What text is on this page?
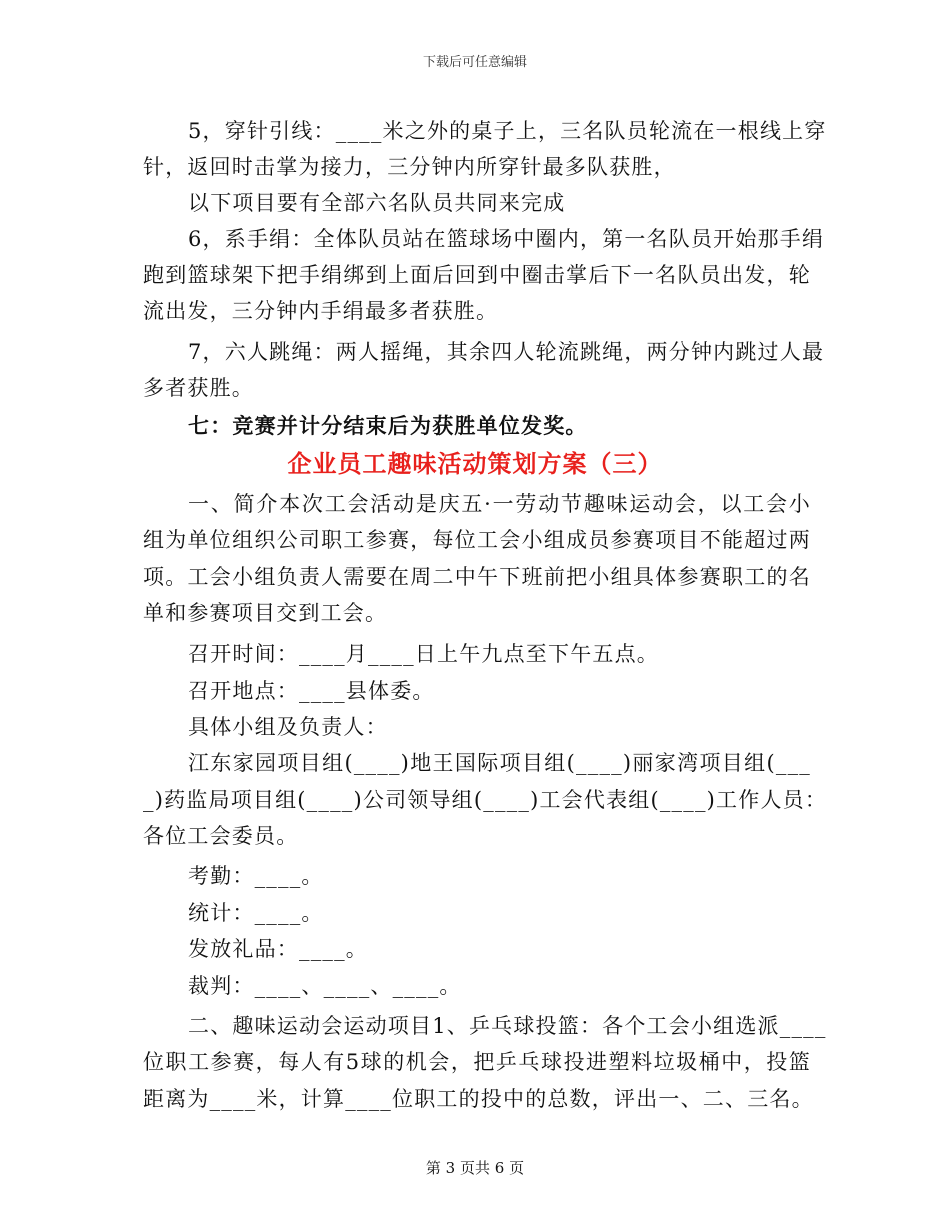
下载后可任意编辑
5，穿针引线：____米之外的桌子上，三名队员轮流在一根线上穿
针，返回时击掌为接力，三分钟内所穿针最多队获胜，
以下项目要有全部六名队员共同来完成
6，系手绢：全体队员站在篮球场中圈内，第一名队员开始那手绢
跑到篮球架下把手绢绑到上面后回到中圈击掌后下一名队员出发，轮
流出发，三分钟内手绢最多者获胜。
7，六人跳绳：两人摇绳，其余四人轮流跳绳，两分钟内跳过人最
多者获胜。
七：竞赛并计分结束后为获胜单位发奖。
企业员工趣味活动策划方案（三）
一、简介本次工会活动是庆五·一劳动节趣味运动会，以工会小
组为单位组织公司职工参赛，每位工会小组成员参赛项目不能超过两
项。工会小组负责人需要在周二中午下班前把小组具体参赛职工的名
单和参赛项目交到工会。
召开时间：____月____日上午九点至下午五点。
召开地点：____县体委。
具体小组及负责人：
江东家园项目组(____)地王国际项目组(____)丽家湾项目组(___
_)药监局项目组(____)公司领导组(____)工会代表组(____)工作人员：
各位工会委员。
考勤：____。
统计：____。
发放礼品：____。
裁判：____、____、____。
二、趣味运动会运动项目1、乒乓球投篮：各个工会小组选派____
位职工参赛，每人有5球的机会，把乒乓球投进塑料垃圾桶中，投篮
距离为____米，计算____位职工的投中的总数，评出一、二、三名。
第 3 页共 6 页
